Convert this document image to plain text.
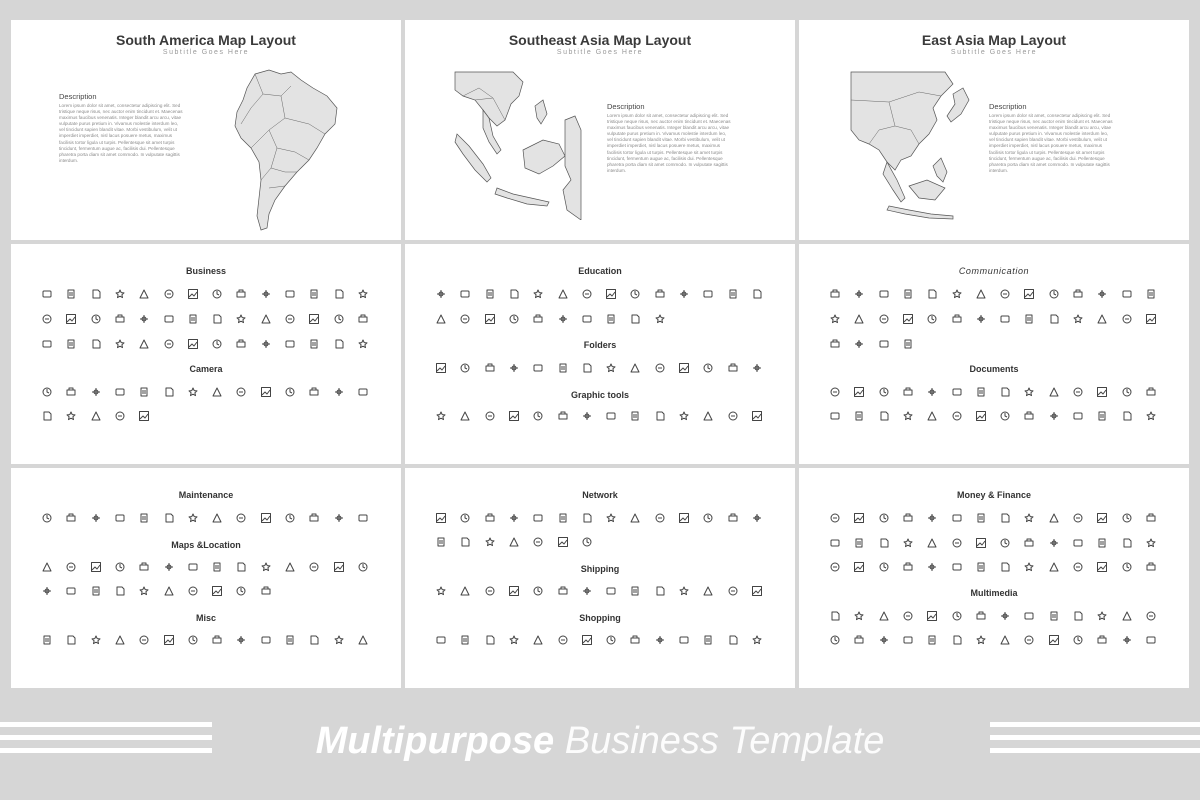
South America Map Layout
Subtitle Goes Here
Description
Lorem ipsum dolor sit amet, consectetur adipiscing elit. Sed tristique neque risus, nec auctor enim tincidunt et. Maecenas maximus faucibus venenatis. Integer blandit arcu arcu, vitae vulputate purus pretium in. Vivamus molestie interdum leo, vel tincidunt sapien blandit vitae. Morbi vestibulum, velit ut imperdiet imperdiet, nisl lacus posuere metus, maximus facilisis tortor ligula ut turpis. Pellentesque sit amet turpis tincidunt, fermentum augue ac, facilisis dui. Pellentesque pharetra porta diam sit amet commodo. In vulputate sagittis interdum.
Southeast Asia Map Layout
Subtitle Goes Here
Description
Lorem ipsum dolor sit amet, consectetur adipiscing elit. Sed tristique neque risus, nec auctor enim tincidunt et. Maecenas maximus faucibus venenatis. Integer blandit arcu arcu, vitae vulputate purus pretium in. Vivamus molestie interdum leo, vel tincidunt sapien blandit vitae. Morbi vestibulum, velit ut imperdiet imperdiet, nisl lacus posuere metus, maximus facilisis tortor ligula ut turpis. Pellentesque sit amet turpis tincidunt, fermentum augue ac, facilisis dui. Pellentesque pharetra porta diam sit amet commodo. In vulputate sagittis interdum.
East Asia Map Layout
Subtitle Goes Here
Description
Lorem ipsum dolor sit amet, consectetur adipiscing elit. Sed tristique neque risus, nec auctor enim tincidunt et. Maecenas maximus faucibus venenatis. Integer blandit arcu arcu, vitae vulputate purus pretium in. Vivamus molestie interdum leo, vel tincidunt sapien blandit vitae. Morbi vestibulum, velit ut imperdiet imperdiet, nisl lacus posuere metus, maximus facilisis tortor ligula ut turpis. Pellentesque sit amet turpis tincidunt, fermentum augue ac, facilisis dui. Pellentesque pharetra porta diam sit amet commodo. In vulputate sagittis interdum.
Business
Camera
Education
Folders
Graphic tools
Communication
Documents
Maintenance
Maps &Location
Misc
Network
Shipping
Shopping
Money & Finance
Multimedia
Multipurpose Business Template
